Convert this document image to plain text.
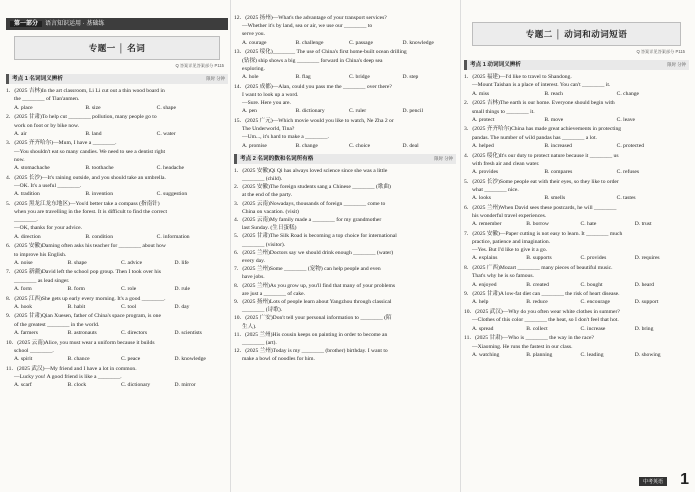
第一部分 语言知识运用 · 基础练
专题一 │ 名词
Q 答案详见答案部分 P115
考点 1 名词词义辨析	限时 分钟
1．(2025 吉林)In the art classroom, Li Li cut out a thin wood board in
the ________ of Tian'anmen.
A. place	B. size	C. shape
2．(2025 甘肃)To help cut ________ pollution, many people go to
work on foot or by bike now.
A. air	B. land	C. water
3．(2025 齐齐哈尔)—Mum, I have a ________.
—You shouldn't eat so many candies. We need to see a dentist right
now.
A. stomachache	B. toothache	C. headache
4．(2025 长沙)—It's raining outside, and you should take an umbrella.
—OK. It's a useful ________.
A. tradition	B. invention	C. suggestion
5．(2025 黑龙江龙东地区)—You'd better take a compass (指南针)
when you are travelling in the forest. It is difficult to find the correct
________.
—OK, thanks for your advice.
A. direction	B. condition	C. information
6．(2025 安徽)Daming often asks his teacher for ________ about how
to improve his English.
A. noise	B. shape	C. advice	D. life
7．(2025 新疆)David left the school pop group. Then I took over his
________ as lead singer.
A. form	B. form	C. role	D. rule
8．(2025 江西)She gets up early every morning. It's a good ________.
A. hook	B. habit	C. tool	D. day
9．(2025 甘肃)Qian Xuesen, father of China's space program, is one
of the greatest ________ in the world.
A. farmers	B. astronauts	C. directors	D. scientists
10．(2025 云南)Alice, you must wear a uniform because it builds
school ________.
A. spirit	B. chance	C. peace	D. knowledge
11．(2025 武汉)—My friend and I have a lot in common.
—Lucky you! A good friend is like a ________.
A. scarf	B. clock	C. dictionary	D. mirror
12．(2025 扬州)—What's the advantage of your transport services?
—Whether it's by land, sea or air, we use our ________ to
serve you.
A. courage	B. challenge	C. passage	D. knowledge
13．(2025 绥化)________ The use of China's first home-built ocean drilling
(钻探) ship shows a big ________ forward in China's deep sea
exploring.
A. hole	B. flag	C. bridge	D. step
14．(2025 成都)—Alan, could you pass me the ________ over there?
I want to look up a word.
—Sure. Here you are.
A. pen	B. dictionary	C. ruler	D. pencil
15．(2025 广元)—Which movie would you like to watch, Ne Zha 2 or
The Underworld, Tina?
—Um..., it's hard to make a ________.
A. promise	B. change	C. choice	D. deal
考点 2 名词的数和名词所有格	限时 分钟
1．(2025 安徽)Qi Qi has always loved science since she was a little
________ (child).
2．(2025 安徽)The foreign students sang a Chinese ________ (歌曲)
at the end of the party.
3．(2025 云南)Nowadays, thousands of foreign ________ come to
China on vacation. (visit)
4．(2025 云南)My family made a ________ for my grandmother
last Sunday. (生日蛋糕)
5．(2025 甘肃)The Silk Road is becoming a top choice for international
________ (visitor).
6．(2025 兰州)Doctors say we should drink enough ________ (water)
every day.
7．(2025 兰州)Some ________ (宠物) can help people and even
have jobs.
8．(2025 兰州)As you grow up, you'll find that many of your problems
are just a ________ of cake.
9．(2025 扬州)Lots of people learn about Yangzhou through classical
________ (诗歌).
10．(2025 广安)Don't tell your personal information to ________ (陌
生人).
11．(2025 兰州)His cousin keeps on painting in order to become an
________ (art).
12．(2025 兰州)Today is my ________ (brother) birthday. I want to
make a bowl of noodles for him.
专题二 │ 动词和动词短语
Q 答案详见答案部分 P115
考点 1 动词词义辨析	限时 分钟
1．(2025 福建)—I'd like to travel to Shandong.
—Mount Taishan is a place of interest. You can't ________ it.
A. miss	B. reach	C. change
2．(2025 吉林)The earth is our home. Everyone should begin with
small things to ________ it.
A. protect	B. move	C. leave
3．(2025 齐齐哈尔)China has made great achievements in protecting
pandas. The number of wild pandas has ________ a lot.
A. helped	B. increased	C. protected
4．(2025 绥化)It's our duty to protect nature because it ________ us
with fresh air and clean water.
A. provides	B. compares	C. refuses
5．(2025 长沙)Some people eat with their eyes, so they like to order
what ________ nice.
A. looks	B. smells	C. tastes
6．(2025 兰州)When David sees these postcards, he will ________
his wonderful travel experiences.
A. remember	B. borrow	C. hate	D. trust
7．(2025 安徽)—Paper cutting is not easy to learn. It ________ much
practice, patience and imagination.
—Yes. But I'd like to give it a go.
A. explains	B. supports	C. provides	D. requires
8．(2025 广西)Mozart ________ many pieces of beautiful music.
That's why he is so famous.
A. enjoyed	B. created	C. bought	D. heard
9．(2025 甘肃)A low-fat diet can ________ the risk of heart disease.
A. help	B. reduce	C. encourage	D. support
10．(2025 武汉)—Why do you often wear white clothes in summer?
—Clothes of this color ________ the heat, so I don't feel that hot.
A. spread	B. collect	C. increase	D. bring
11．(2025 甘肃)—Who is ________ the way in the race?
—Xiaoming. He runs the fastest in our class.
A. watching	B. planning	C. leading	D. showing
中考英语 1
